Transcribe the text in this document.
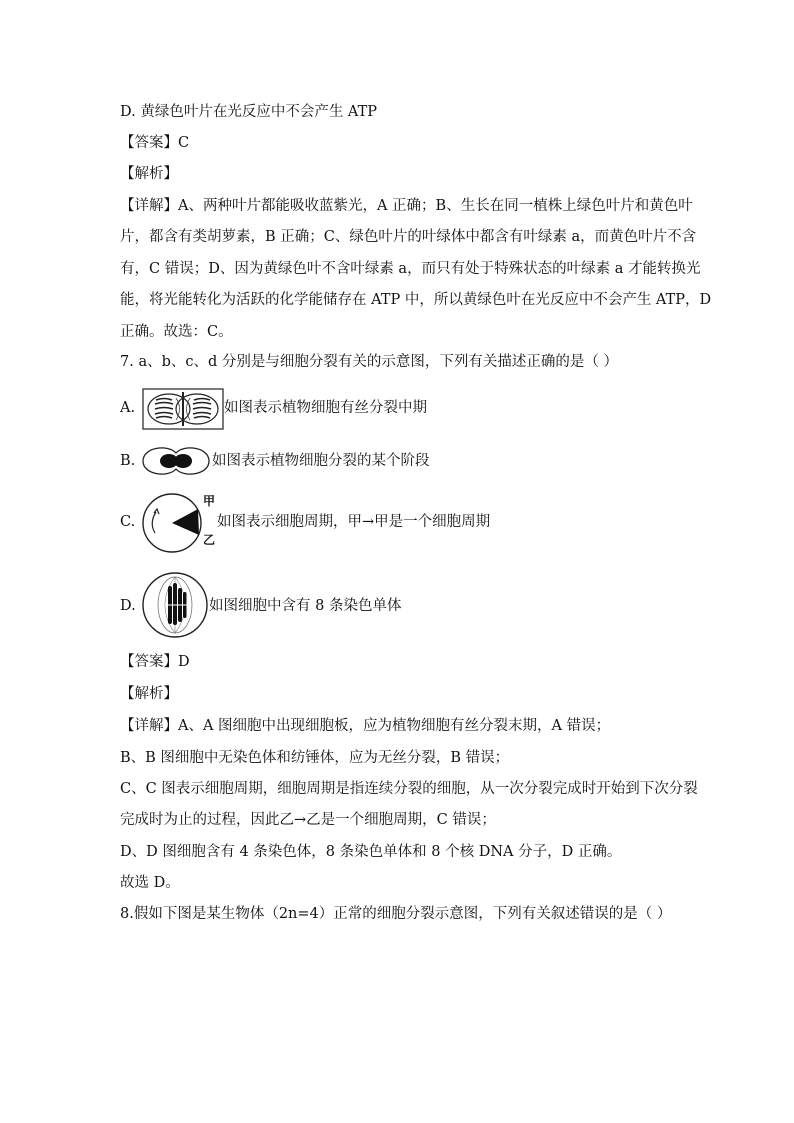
D. 黄绿色叶片在光反应中不会产生 ATP
【答案】C
【解析】
【详解】A、两种叶片都能吸收蓝紫光，A 正确；B、生长在同一植株上绿色叶片和黄色叶
片，都含有类胡萝素，B 正确；C、绿色叶片的叶绿体中都含有叶绿素 a，而黄色叶片不含
有，C 错误；D、因为黄绿色叶不含叶绿素 a，而只有处于特殊状态的叶绿素 a 才能转换光
能，将光能转化为活跃的化学能储存在 ATP 中，所以黄绿色叶在光反应中不会产生 ATP，D
正确。故选：C。
7. a、b、c、d 分别是与细胞分裂有关的示意图，下列有关描述正确的是（ ）
A.	如图表示植物细胞有丝分裂中期
B.	如图表示植物细胞分裂的某个阶段
C.
甲
乙
如图表示细胞周期，甲→甲是一个细胞周期
D.	如图细胞中含有 8 条染色单体
【答案】D
【解析】
【详解】A、A 图细胞中出现细胞板，应为植物细胞有丝分裂末期，A 错误；
B、B 图细胞中无染色体和纺锤体，应为无丝分裂，B 错误；
C、C 图表示细胞周期，细胞周期是指连续分裂的细胞，从一次分裂完成时开始到下次分裂
完成时为止的过程，因此乙→乙是一个细胞周期，C 错误；
D、D 图细胞含有 4 条染色体，8 条染色单体和 8 个核 DNA 分子，D 正确。
故选 D。
8.假如下图是某生物体（2n=4）正常的细胞分裂示意图，下列有关叙述错误的是（ ）
